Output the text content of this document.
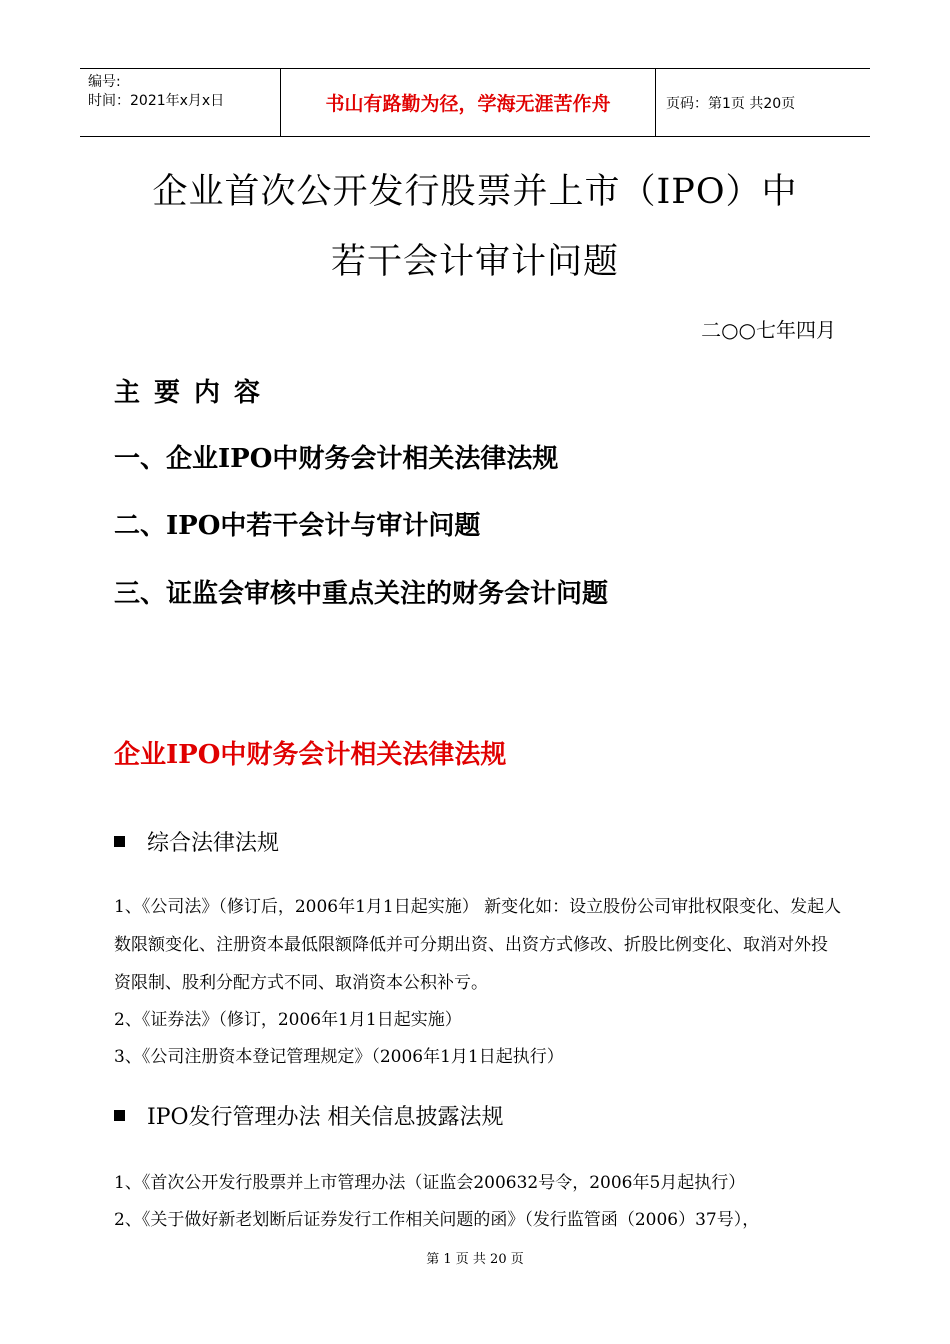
编号:
时间：2021年x月x日	书山有路勤为径，学海无涯苦作舟	页码：第1页 共20页
企业首次公开发行股票并上市（IPO）中
若干会计审计问题
二○○七年四月
主要内容
一、企业IPO中财务会计相关法律法规
二、IPO中若干会计与审计问题
三、证监会审核中重点关注的财务会计问题
企业IPO中财务会计相关法律法规
综合法律法规
1、《公司法》（修订后，2006年1月1日起实施） 新变化如：设立股份公司审批权限变化、发起人数限额变化、注册资本最低限额降低并可分期出资、出资方式修改、折股比例变化、取消对外投资限制、股利分配方式不同、取消资本公积补亏。
2、《证券法》（修订，2006年1月1日起实施）
3、《公司注册资本登记管理规定》（2006年1月1日起执行）
IPO发行管理办法 相关信息披露法规
1、《首次公开发行股票并上市管理办法（证监会200632号令，2006年5月起执行）
2、《关于做好新老划断后证券发行工作相关问题的函》（发行监管函（2006）37号），
第 1 页 共 20 页
